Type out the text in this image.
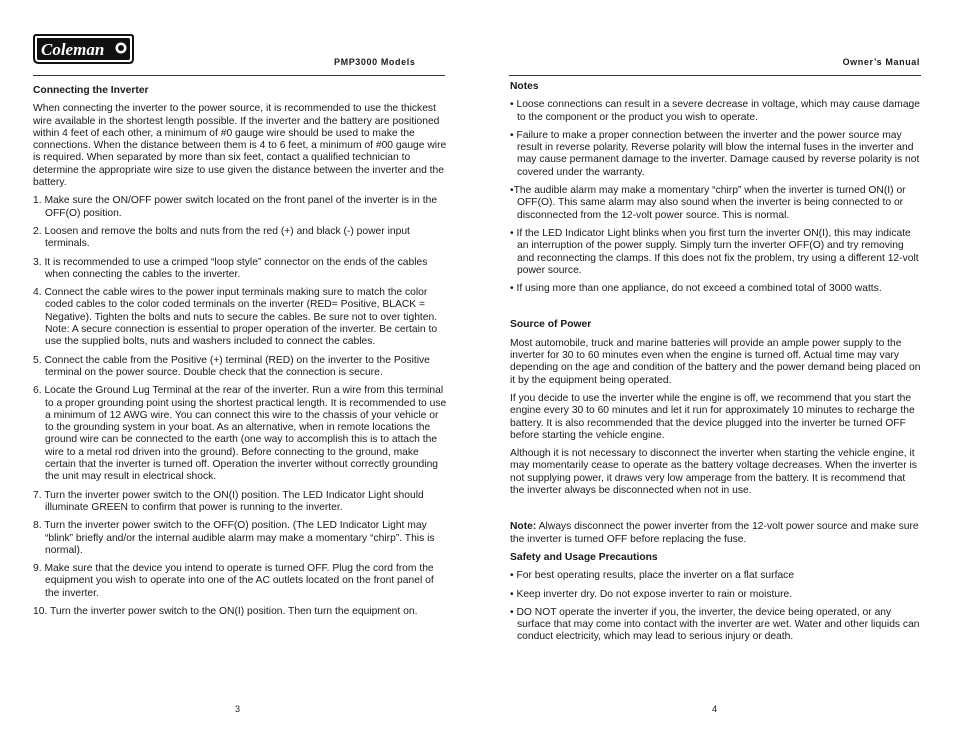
Coleman
PMP3000 Models	Owner’s Manual
Connecting the Inverter

When connecting the inverter to the power source, it is recommended to use the thickest wire available in the shortest length possible. If the inverter and the battery are positioned within 4 feet of each other, a minimum of #0 gauge wire should be used to make the connections. When the distance between them is 4 to 6 feet, a minimum of #00 gauge wire is required. When separated by more than six feet, contact a qualified technician to determine the appropriate wire size to use given the distance between the inverter and the battery.

1. Make sure the ON/OFF power switch located on the front panel of the inverter is in the OFF(O) position.
2. Loosen and remove the bolts and nuts from the red (+) and black (-) power input terminals.
3. It is recommended to use a crimped “loop style” connector on the ends of the cables when connecting the cables to the inverter.
4. Connect the cable wires to the power input terminals making sure to match the color coded cables to the color coded terminals on the inverter (RED= Positive, BLACK = Negative). Tighten the bolts and nuts to secure the cables. Be sure not to over tighten. Note: A secure connection is essential to proper operation of the inverter. Be certain to use the supplied bolts, nuts and washers included to connect the cables.
5. Connect the cable from the Positive (+) terminal (RED) on the inverter to the Positive terminal on the power source. Double check that the connection is secure.
6. Locate the Ground Lug Terminal at the rear of the inverter. Run a wire from this terminal to a proper grounding point using the shortest practical length. It is recommended to use a minimum of 12 AWG wire. You can connect this wire to the chassis of your vehicle or to the grounding system in your boat. As an alternative, when in remote locations the ground wire can be connected to the earth (one way to accomplish this is to attach the wire to a metal rod driven into the ground). Before connecting to the ground, make certain that the inverter is turned off. Operation the inverter without correctly grounding the unit may result in electrical shock.
7. Turn the inverter power switch to the ON(I) position. The LED Indicator Light should illuminate GREEN to confirm that power is running to the inverter.
8. Turn the inverter power switch to the OFF(O) position. (The LED Indicator Light may “blink” briefly and/or the internal audible alarm may make a momentary “chirp”. This is normal).
9. Make sure that the device you intend to operate is turned OFF. Plug the cord from the equipment you wish to operate into one of the AC outlets located on the front panel of the inverter.
10. Turn the inverter power switch to the ON(I) position. Then turn the equipment on.
Notes
• Loose connections can result in a severe decrease in voltage, which may cause damage to the component or the product you wish to operate.
• Failure to make a proper connection between the inverter and the power source may result in reverse polarity. Reverse polarity will blow the internal fuses in the inverter and may cause permanent damage to the inverter. Damage caused by reverse polarity is not covered under the warranty.
•The audible alarm may make a momentary “chirp” when the inverter is turned ON(I) or OFF(O). This same alarm may also sound when the inverter is being connected to or disconnected from the 12-volt power source. This is normal.
• If the LED Indicator Light blinks when you first turn the inverter ON(I), this may indicate an interruption of the power supply. Simply turn the inverter OFF(O) and try removing and reconnecting the clamps. If this does not fix the problem, try using a different 12-volt power source.
• If using more than one appliance, do not exceed a combined total of 3000 watts.
Source of Power

Most automobile, truck and marine batteries will provide an ample power supply to the inverter for 30 to 60 minutes even when the engine is turned off. Actual time may vary depending on the age and condition of the battery and the power demand being placed on it by the equipment being operated.

If you decide to use the inverter while the engine is off, we recommend that you start the engine every 30 to 60 minutes and let it run for approximately 10 minutes to recharge the battery. It is also recommended that the device plugged into the inverter be turned OFF before starting the vehicle engine.

Although it is not necessary to disconnect the inverter when starting the vehicle engine, it may momentarily cease to operate as the battery voltage decreases. When the inverter is not supplying power, it draws very low amperage from the battery. It is recommend that the inverter always be disconnected when not in use.

Note: Always disconnect the power inverter from the 12-volt power source and make sure the inverter is turned OFF before replacing the fuse.

Safety and Usage Precautions
• For best operating results, place the inverter on a flat surface
• Keep inverter dry. Do not expose inverter to rain or moisture.
• DO NOT operate the inverter if you, the inverter, the device being operated, or any surface that may come into contact with the inverter are wet. Water and other liquids can conduct electricity, which may lead to serious injury or death.
3	4
